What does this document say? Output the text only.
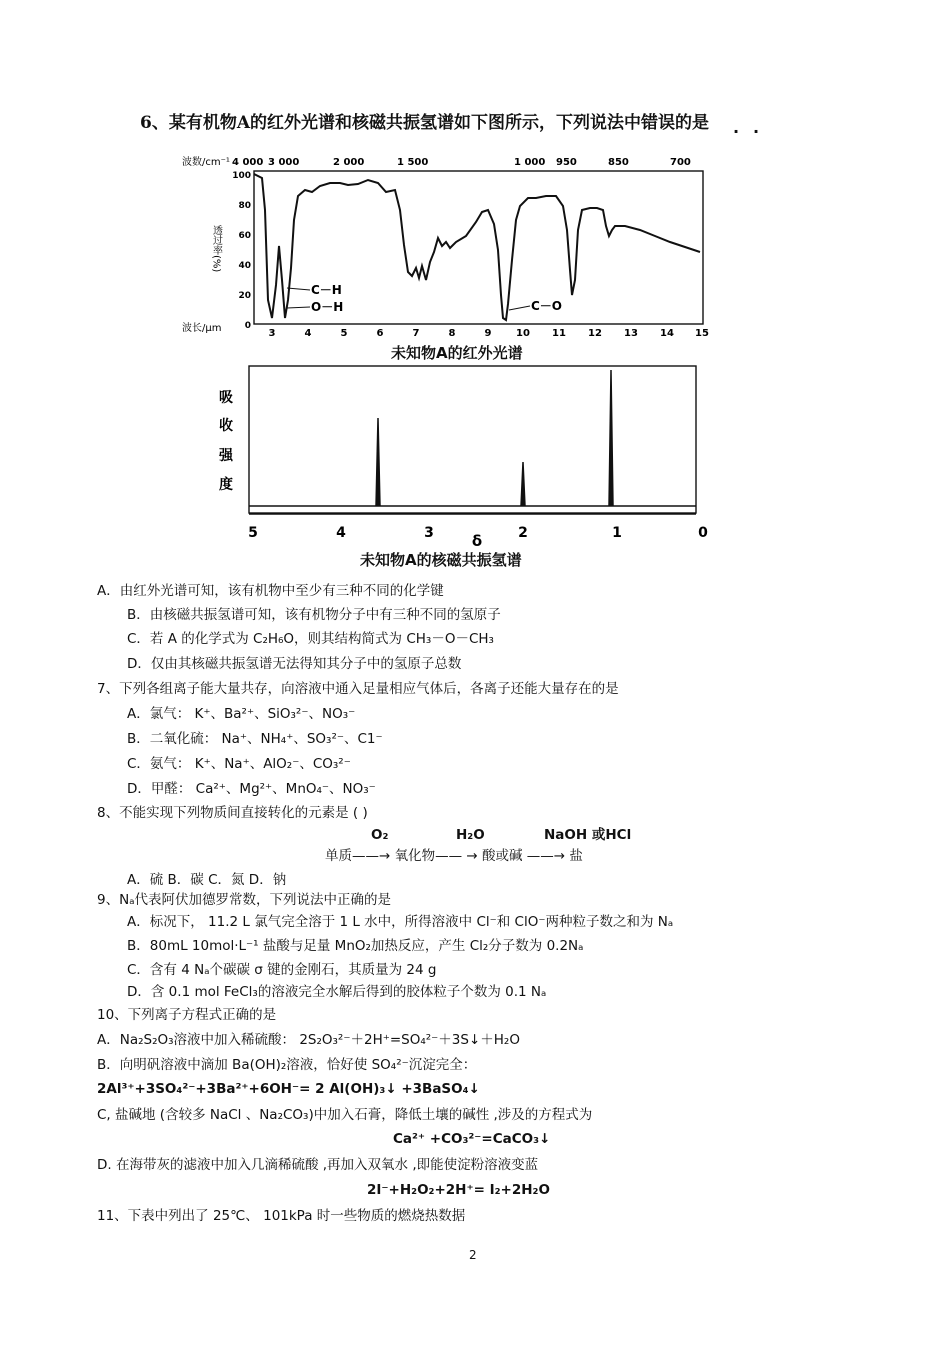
6、某有机物A的红外光谱和核磁共振氢谱如下图所示，下列说法中错误的是 · ·
波数/cm⁻¹ 4 000 3 000	2 000	1 500	1 000 950	850	700
透过率(%)
0
20
40
60
80
100
C－H
O－H	C－O
波长/μm	3	4	5	6	7	8	9 10 11 12 13 14 15
未知物A的红外光谱
吸
收
强
度
5	4	3	2	1	0
δ
未知物A的核磁共振氢谱
A．由红外光谱可知，该有机物中至少有三种不同的化学键
B．由核磁共振氢谱可知，该有机物分子中有三种不同的氢原子
C．若 A 的化学式为 C₂H₆O，则其结构简式为 CH₃－O－CH₃
D．仅由其核磁共振氢谱无法得知其分子中的氢原子总数
7、下列各组离子能大量共存，向溶液中通入足量相应气体后，各离子还能大量存在的是
A．氯气： K⁺、Ba²⁺、SiO₃²⁻、NO₃⁻
B．二氧化硫： Na⁺、NH₄⁺、SO₃²⁻、C1⁻
C．氨气： K⁺、Na⁺、AlO₂⁻、CO₃²⁻
D．甲醛： Ca²⁺、Mg²⁺、MnO₄⁻、NO₃⁻
8、不能实现下列物质间直接转化的元素是 ( )
O₂	H₂O	NaOH 或HCl
单质——→ 氧化物—— → 酸或碱 ——→ 盐
A．硫 B．碳 C．氮 D．钠
9、Nₐ代表阿伏加德罗常数，下列说法中正确的是
A．标况下， 11.2 L 氯气完全溶于 1 L 水中，所得溶液中 Cl⁻和 ClO⁻两种粒子数之和为 Nₐ
B．80mL 10mol·L⁻¹ 盐酸与足量 MnO₂加热反应，产生 Cl₂分子数为 0.2Nₐ
C．含有 4 Nₐ个碳碳 σ 键的金刚石，其质量为 24 g
D．含 0.1 mol FeCl₃的溶液完全水解后得到的胶体粒子个数为 0.1 Nₐ
10、下列离子方程式正确的是
A．Na₂S₂O₃溶液中加入稀硫酸： 2S₂O₃²⁻＋2H⁺=SO₄²⁻＋3S↓＋H₂O
B．向明矾溶液中滴加 Ba(OH)₂溶液，恰好使 SO₄²⁻沉淀完全：
2Al³⁺+3SO₄²⁻+3Ba²⁺+6OH⁻= 2 Al(OH)₃↓ +3BaSO₄↓
C, 盐碱地 (含较多 NaCl 、Na₂CO₃)中加入石膏，降低土壤的碱性 ,涉及的方程式为
Ca²⁺ +CO₃²⁻=CaCO₃↓
D. 在海带灰的滤液中加入几滴稀硫酸 ,再加入双氧水 ,即能使淀粉溶液变蓝
2I⁻+H₂O₂+2H⁺= I₂+2H₂O
11、下表中列出了 25℃、 101kPa 时一些物质的燃烧热数据
2
